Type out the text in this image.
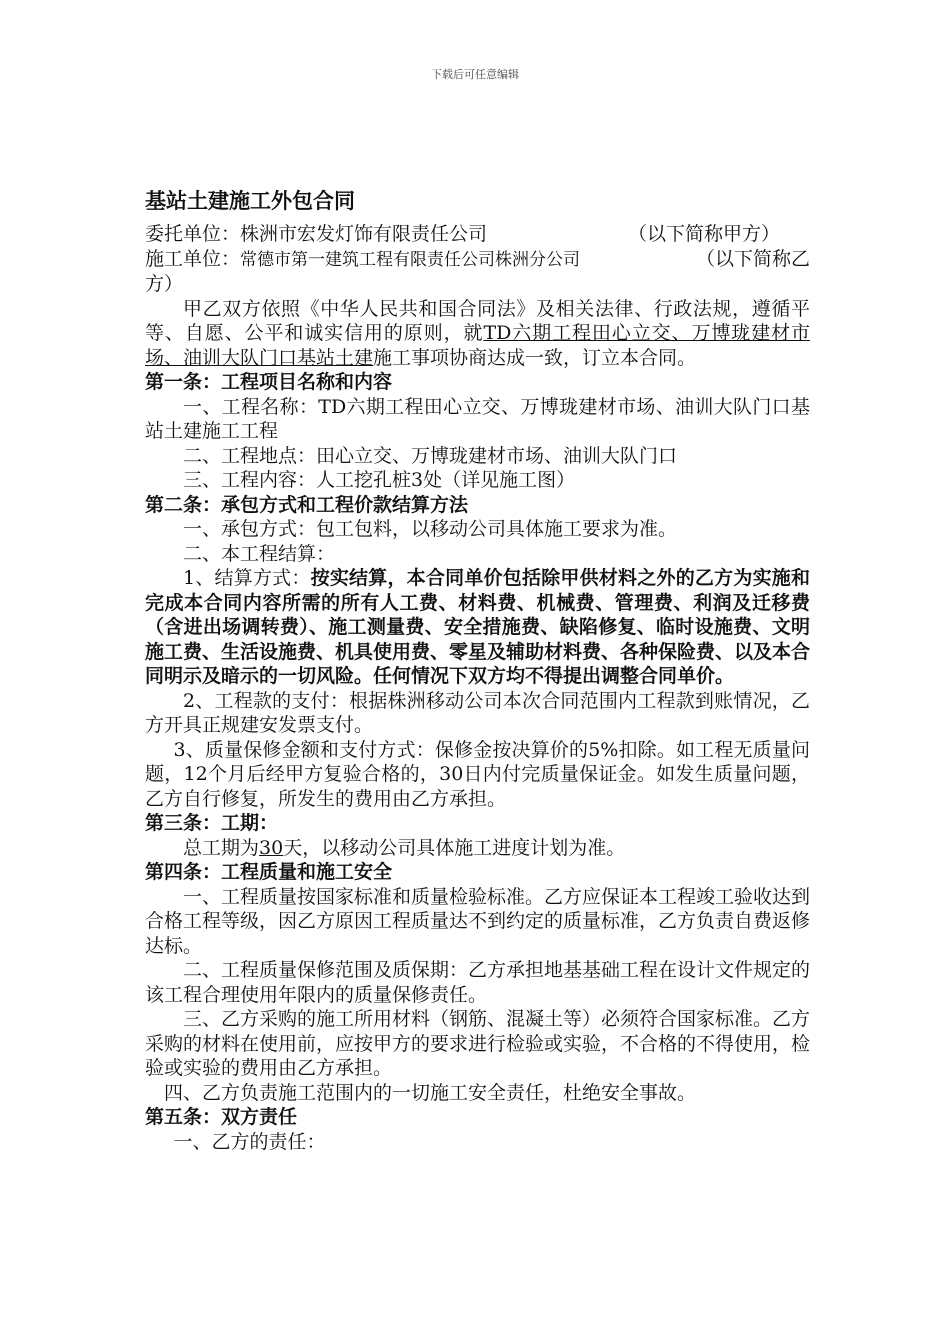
下载后可任意编辑
基站土建施工外包合同
委托单位：株洲市宏发灯饰有限责任公司	（以下简称甲方）
施工单位：常德市第一建筑工程有限责任公司株洲分公司	（以下简称乙

方）

甲乙双方依照《中华人民共和国合同法》及相关法律、行政法规，遵循平等、自愿、公平和诚实信用的原则，就TD六期工程田心立交、万博珑建材市场、油训大队门口基站土建施工事项协商达成一致，订立本合同。

第一条：工程项目名称和内容

一、工程名称：TD六期工程田心立交、万博珑建材市场、油训大队门口基站土建施工工程

二、工程地点：田心立交、万博珑建材市场、油训大队门口

三、工程内容：人工挖孔桩3处（详见施工图）

第二条：承包方式和工程价款结算方法

一、承包方式：包工包料，以移动公司具体施工要求为准。

二、本工程结算：

1、结算方式：按实结算，本合同单价包括除甲供材料之外的乙方为实施和完成本合同内容所需的所有人工费、材料费、机械费、管理费、利润及迁移费（含进出场调转费）、施工测量费、安全措施费、缺陷修复、临时设施费、文明施工费、生活设施费、机具使用费、零星及辅助材料费、各种保险费、以及本合同明示及暗示的一切风险。任何情况下双方均不得提出调整合同单价。

2、工程款的支付：根据株洲移动公司本次合同范围内工程款到账情况，乙方开具正规建安发票支付。

3、质量保修金额和支付方式：保修金按决算价的5%扣除。如工程无质量问题，12个月后经甲方复验合格的，30日内付完质量保证金。如发生质量问题，乙方自行修复，所发生的费用由乙方承担。

第三条：工期：

总工期为30天，以移动公司具体施工进度计划为准。

第四条：工程质量和施工安全

一、工程质量按国家标准和质量检验标准。乙方应保证本工程竣工验收达到合格工程等级，因乙方原因工程质量达不到约定的质量标准，乙方负责自费返修达标。

二、工程质量保修范围及质保期：乙方承担地基基础工程在设计文件规定的该工程合理使用年限内的质量保修责任。

三、乙方采购的施工所用材料（钢筋、混凝土等）必须符合国家标准。乙方采购的材料在使用前，应按甲方的要求进行检验或实验，不合格的不得使用，检验或实验的费用由乙方承担。

四、乙方负责施工范围内的一切施工安全责任，杜绝安全事故。

第五条：双方责任

一、乙方的责任：
